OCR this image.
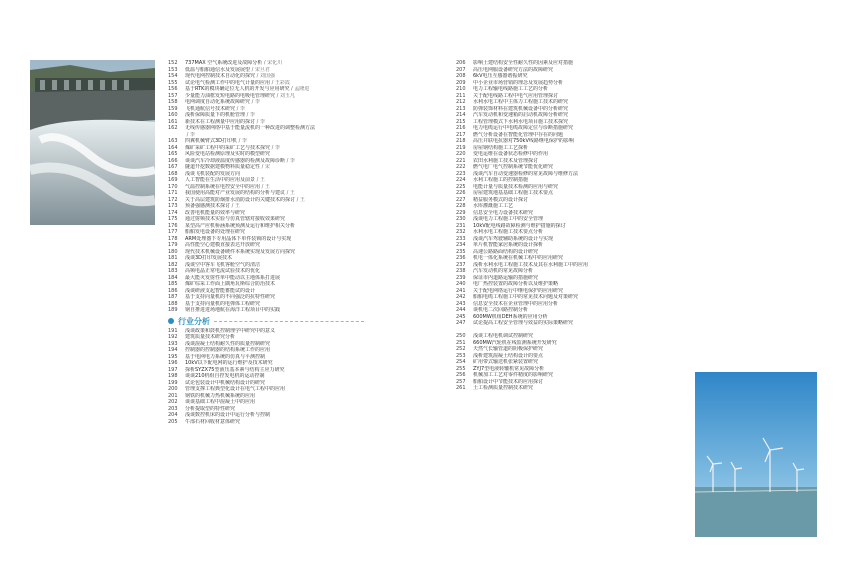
152 737MAX 空气系统改进及故障分析 / 宋化川
153 低温与船舶通信水及发展展望 / 宋旦君
154 现代电网控制技术自动化的探究 / 刘国强
155 试论电气检测工作中的电气计量的应用 / 王彩霞
156 基于RTK的模块确定位无人机的开发与应用研究 / 孟隆进
157 少量能力油框发短电路的电吸电管理研究 / 刘玉凡
158 电网调度自动化系统故障研究 / 李
159 飞机通航信号技术研究 / 李
160 浅析保障质量下的机舱管理 / 李
161 新技术在工程测量中应用的探讨 / 李
162 无线传感器网络中基于能量流机的一种改进的调整检测方法
/ 李
163 四翼机械臂式3D打印机 / 李
164 煤矿采矿工程中的采矿工艺与技术探究 / 李
165 风险变电站检测原理及实时的模型研究
166 谈谈汽车冷却液温度传感器的检测及故障诊断 / 李
167 隧道开挖数据建模物料质量稳定性 / 宋
168 浅谈飞机装配的发展方向
169 人工智能在生活中的应用及前景 / 王
170 气温控制系统在电控安全中的应用 / 王
171 我国使用高能对产业发展的结构的分析与建议 / 王
172 关于高层建筑防烟排水消防设计的关键技术的探讨 / 王
173 预备强感测技术探讨 / 王
174 改善电机能量的效率与研究
175 通过射频技术实验与仿真管辖对接收效果研究
176 某型高产应机桥涵系统预测及运行和维护相关分析
177 船舶发电设备的处理在研究
178 ARM处理器下专用晶体下单件装锁的设计与实现
179 高性能空心建模直接表达开放研究
180 现代技术机械设备硬件本系统实现及发展方向探究
181 浅谈3D打印发展技术
182 浅谈空中客车飞机客舱空气的清洁
183 高频电晶正常电流试验技术的优化
184 最大能灭发射性单中能动以主地体系打进展
185 煤矿综采工作面上隅角瓦斯综合防治技术
186 浅谈研液支起智能蓄能试的设计
187 基于支持向量机的不同强泛的抗特性研究
188 基于支持向量机的电弹体工程研究
189 钢自推进进场地航在海洋工程项目中的实践
行业分析
191 浅谈政策和鼓机控制理学中研究中的意义
192 建筑质量技术研究分析
193 浅谈混凝土结构耐久性的质量控制研究
194 控制器的控制器的结构系统工作的应用
195 基于电网电力系统的仿真与平测控制
196 10kV以下配电网的运行维护及技术研究
197 探析SYZX75型液压基本素与结构主应力研究
198 谈谈210机组自控发电机的运动控制
199 试论包装设计中机械结构设计的研究
200 管理支撑工程典型化设计在电气工程中的应用
201 钢铁的机械力热机械系统的应用
202 谈谈基础工程中混凝土中的应用
203 分析提取型的特性研究
204 浅谈数控机床的设计中运行分析与控制
205 牛部石材回收材意体研究
206 影响土建结构安全性耐久性的因素及应对措施
207 高压电网服设备研究方法的故障研究
208 6kV电压互感器谐振研究
209 中小企业市场营销的理念及发展趋势分析
210 电力工程输电线路施工工艺的分析
211 关于配电线路工程中电气应用管理探讨
212 水利水电工程中主体力工程施工技术的研究
213 防弹装饰材料在建筑机械设备中的分析研究
214 汽车发动机和变速箱的启动机故障分析研究
215 工程管理模式下水利水电项目施工技术探究
216 电力电缆运行中电缆故障定位与诊断措施研究
217 燃气分析设备在智能化管理中存在的问题
218 高压并联电抗器对750kV线路继电保护的影响
219 房屋钢结构施工工艺探析
220 变电运维在设备状态检修中的作用
221 农田水利施工技术及管理探讨
222 燃气电厂电气控制系统节能优化研究
223 浅谈汽车自动变速器检修的常见故障与维修方法
224 水利工程施工的控制措施
225 电能计量与质量技术检测的应用与研究
226 房屋建筑地基基础工程施工技术要点
227 精益服务模式的设计探讨
228 水库灌溉施工工艺
229 信息安全电力设备技术研究
230 浅谈电力工程施工中的安全管理
231 10kV配电线路故障检测与维护措施的探讨
232 水利水电工程施工技术要点分析
233 浅谈汽车驾驶辅助系统的设计与实现
234 单片机智能家居系统的设计探析
235 高速公路路面结构的设计研究
236 机电一体化系统在机械工程中的应用研究
237 浅析水利水电工程施工技术及其在水利施工中的应用
238 汽车发动机的常见故障分析
239 保证市内道路运输的措施研究
240 电厂热控装置的故障分析以及维护策略
241 关于配电网络运行中继电保护的应用研究
242 船舶电缆工程施工中的常见技术问题及对策研究
243 信息安全技术在企业管理中的应用分析
244 谈机电二次回路控制分析
245 600MW机组DEH系统的应用分析
247 试论提高工程安全管理与效益的实际策略研究
250 浅谈工程电机调试控制研究
251 660MW汽轮机在线监测系统开发研究
252 天然气长输管道的阴极保护研究
253 浅析建筑混凝土结构设计的要点
254 矿用带式输送机张紧装置研究
255 ZYJ7型电液转辙机常见故障分析
256 机械加工工艺对零件精度的影响研究
257 船舶设计中节能技术的应用探讨
261 土工检测质量控制技术研究
